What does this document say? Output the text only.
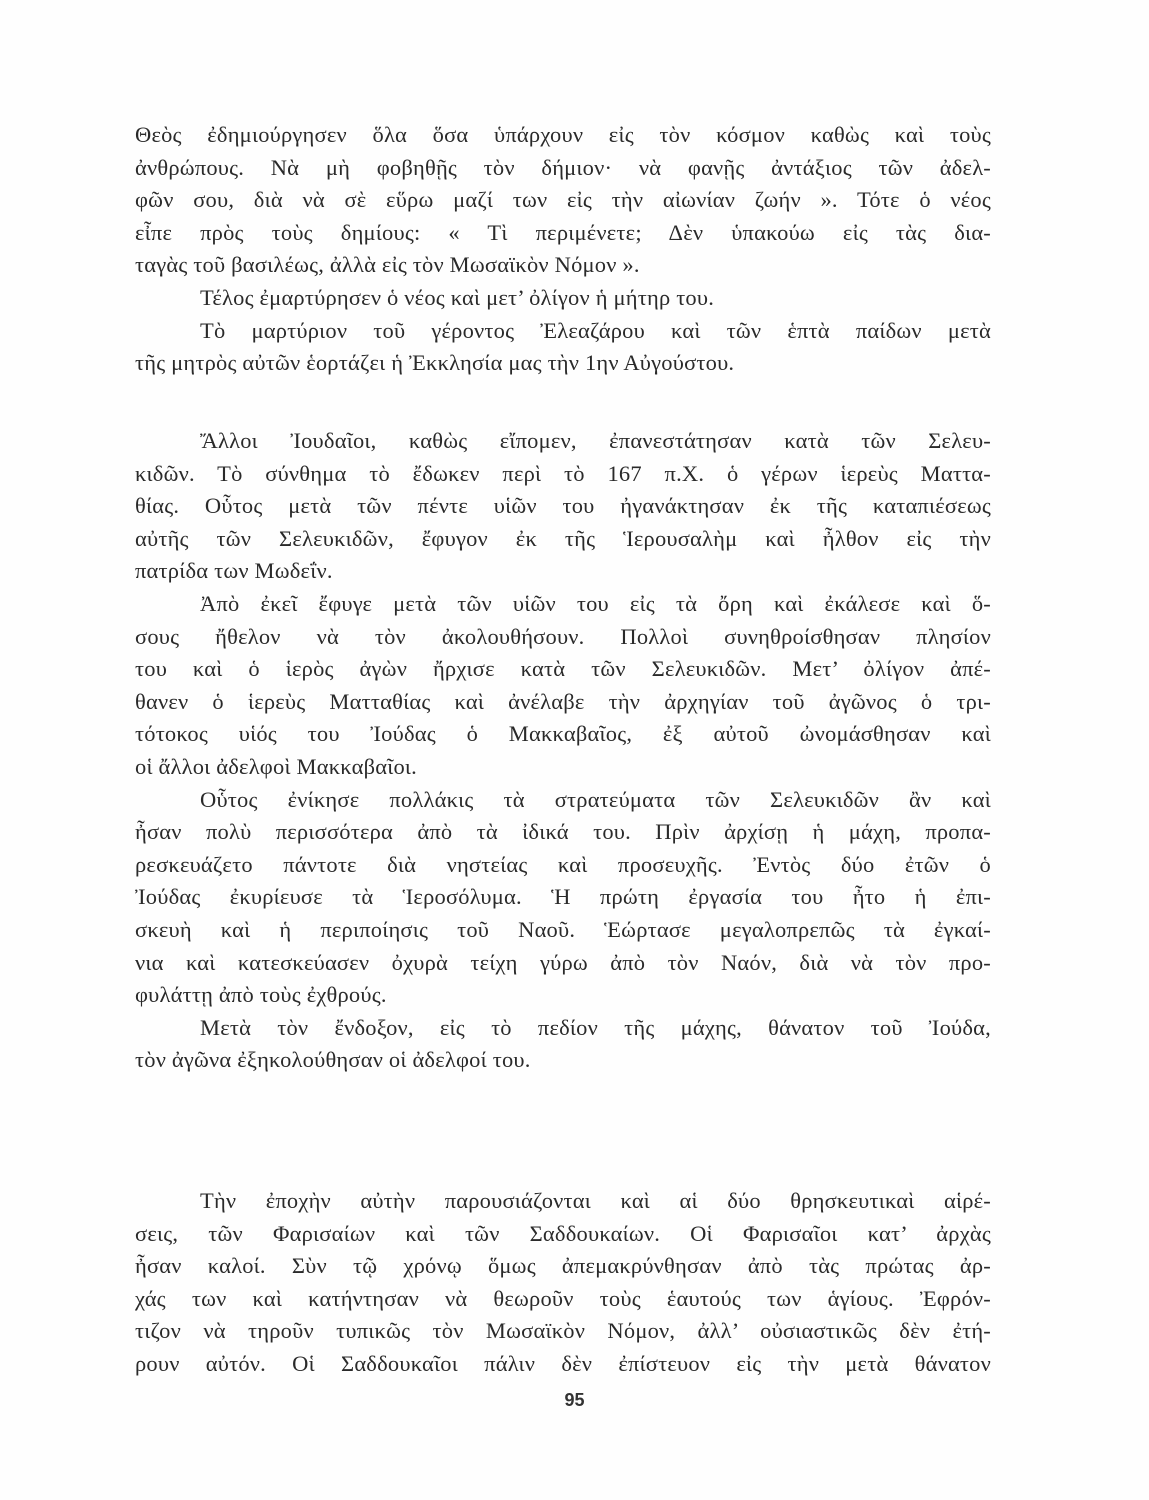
Θεὸς ἐδημιούργησεν ὅλα ὅσα ὑπάρχουν εἰς τὸν κόσμον καθὼς καὶ τοὺς
ἀνθρώπους. Νὰ μὴ φοβηθῇς τὸν δήμιον· νὰ φανῇς ἀντάξιος τῶν ἀδελ-
φῶν σου, διὰ νὰ σὲ εὕρω μαζί των εἰς τὴν αἰωνίαν ζωήν ». Τότε ὁ νέος
εἶπε πρὸς τοὺς δημίους: « Τὶ περιμένετε; Δὲν ὑπακούω εἰς τὰς δια-
ταγὰς τοῦ βασιλέως, ἀλλὰ εἰς τὸν Μωσαϊκὸν Νόμον ».
Τέλος ἐμαρτύρησεν ὁ νέος καὶ μετ’ ὀλίγον ἡ μήτηρ του.
Τὸ μαρτύριον τοῦ γέροντος Ἐλεαζάρου καὶ τῶν ἑπτὰ παίδων μετὰ
τῆς μητρὸς αὐτῶν ἑορτάζει ἡ Ἐκκλησία μας τὴν 1ην Αὐγούστου.
Ἄλλοι Ἰουδαῖοι, καθὼς εἴπομεν, ἐπανεστάτησαν κατὰ τῶν Σελευ-
κιδῶν. Τὸ σύνθημα τὸ ἔδωκεν περὶ τὸ 167 π.Χ. ὁ γέρων ἱερεὺς Ματτα-
θίας. Οὗτος μετὰ τῶν πέντε υἱῶν του ἠγανάκτησαν ἐκ τῆς καταπιέσεως
αὐτῆς τῶν Σελευκιδῶν, ἔφυγον ἐκ τῆς Ἱερουσαλὴμ καὶ ἦλθον εἰς τὴν
πατρίδα των Μωδεΐν.
Ἀπὸ ἐκεῖ ἔφυγε μετὰ τῶν υἱῶν του εἰς τὰ ὄρη καὶ ἐκάλεσε καὶ ὅ-
σους ἤθελον νὰ τὸν ἀκολουθήσουν. Πολλοὶ συνηθροίσθησαν πλησίον
του καὶ ὁ ἱερὸς ἀγὼν ἤρχισε κατὰ τῶν Σελευκιδῶν. Μετ’ ὀλίγον ἀπέ-
θανεν ὁ ἱερεὺς Ματταθίας καὶ ἀνέλαβε τὴν ἀρχηγίαν τοῦ ἀγῶνος ὁ τρι-
τότοκος υἱός του Ἰούδας ὁ Μακκαβαῖος, ἐξ αὐτοῦ ὠνομάσθησαν καὶ
οἱ ἄλλοι ἀδελφοὶ Μακκαβαῖοι.
Οὗτος ἐνίκησε πολλάκις τὰ στρατεύματα τῶν Σελευκιδῶν ἂν καὶ
ἦσαν πολὺ περισσότερα ἀπὸ τὰ ἰδικά του. Πρὶν ἀρχίσῃ ἡ μάχη, προπα-
ρεσκευάζετο πάντοτε διὰ νηστείας καὶ προσευχῆς. Ἐντὸς δύο ἐτῶν ὁ
Ἰούδας ἐκυρίευσε τὰ Ἱεροσόλυμα. Ἡ πρώτη ἐργασία του ἦτο ἡ ἐπι-
σκευὴ καὶ ἡ περιποίησις τοῦ Ναοῦ. Ἑώρτασε μεγαλοπρεπῶς τὰ ἐγκαί-
νια καὶ κατεσκεύασεν ὀχυρὰ τείχη γύρω ἀπὸ τὸν Ναόν, διὰ νὰ τὸν προ-
φυλάττῃ ἀπὸ τοὺς ἐχθρούς.
Μετὰ τὸν ἔνδοξον, εἰς τὸ πεδίον τῆς μάχης, θάνατον τοῦ Ἰούδα,
τὸν ἀγῶνα ἐξηκολούθησαν οἱ ἀδελφοί του.
Τὴν ἐποχὴν αὐτὴν παρουσιάζονται καὶ αἱ δύο θρησκευτικαὶ αἱρέ-
σεις, τῶν Φαρισαίων καὶ τῶν Σαδδουκαίων. Οἱ Φαρισαῖοι κατ’ ἀρχὰς
ἦσαν καλοί. Σὺν τῷ χρόνῳ ὅμως ἀπεμακρύνθησαν ἀπὸ τὰς πρώτας ἀρ-
χάς των καὶ κατήντησαν νὰ θεωροῦν τοὺς ἑαυτούς των ἁγίους. Ἐφρόν-
τιζον νὰ τηροῦν τυπικῶς τὸν Μωσαϊκὸν Νόμον, ἀλλ’ οὐσιαστικῶς δὲν ἐτή-
ρουν αὐτόν. Οἱ Σαδδουκαῖοι πάλιν δὲν ἐπίστευον εἰς τὴν μετὰ θάνατον
95
